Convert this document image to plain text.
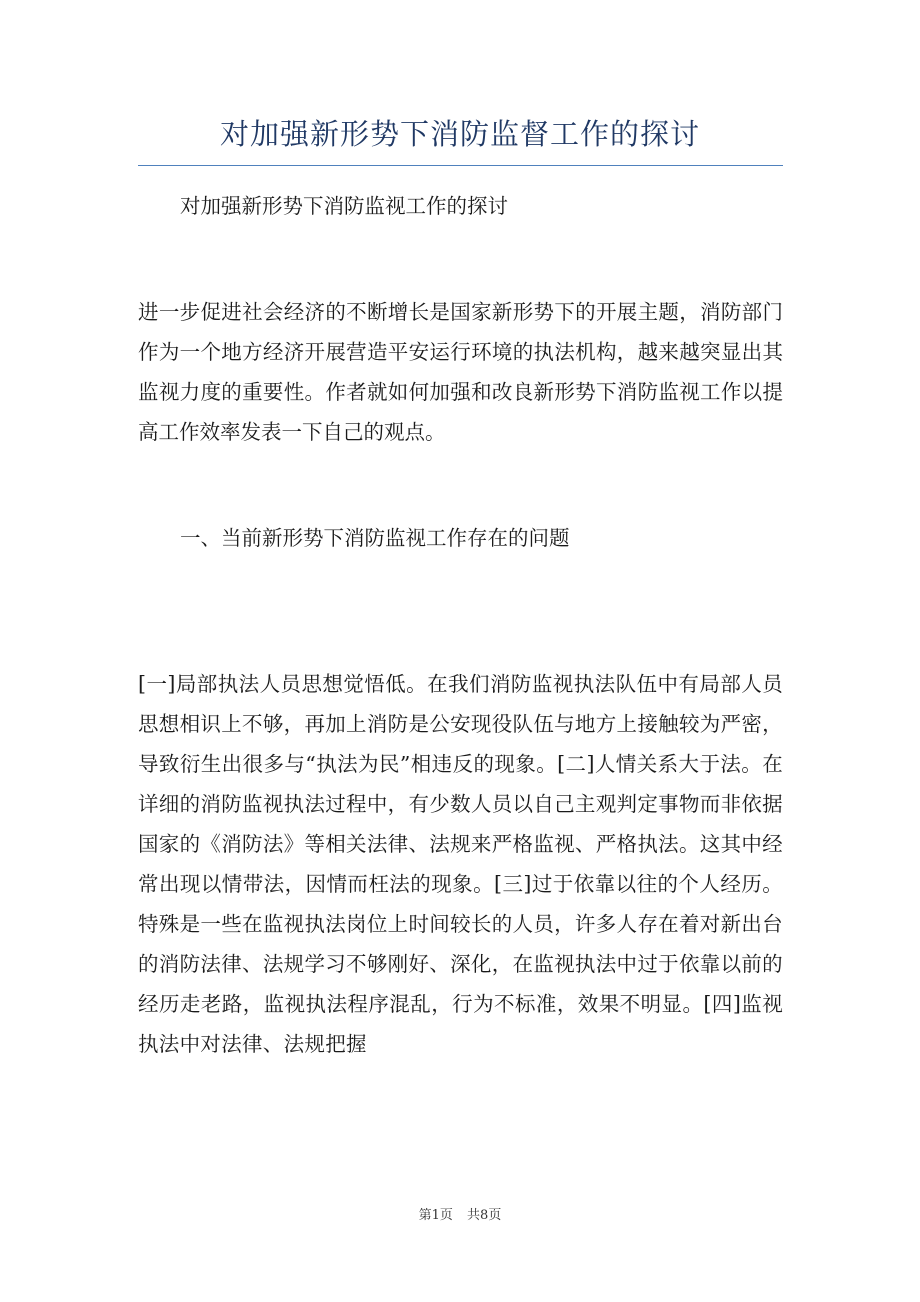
对加强新形势下消防监督工作的探讨

对加强新形势下消防监视工作的探讨

进一步促进社会经济的不断增长是国家新形势下的开展主题，消防部门作为一个地方经济开展营造平安运行环境的执法机构，越来越突显出其监视力度的重要性。作者就如何加强和改良新形势下消防监视工作以提高工作效率发表一下自己的观点。

一、当前新形势下消防监视工作存在的问题

[一]局部执法人员思想觉悟低。在我们消防监视执法队伍中有局部人员思想相识上不够，再加上消防是公安现役队伍与地方上接触较为严密，导致衍生出很多与“执法为民”相违反的现象。[二]人情关系大于法。在详细的消防监视执法过程中，有少数人员以自己主观判定事物而非依据国家的《消防法》等相关法律、法规来严格监视、严格执法。这其中经常出现以情带法，因情而枉法的现象。[三]过于依靠以往的个人经历。特殊是一些在监视执法岗位上时间较长的人员，许多人存在着对新出台的消防法律、法规学习不够刚好、深化，在监视执法中过于依靠以前的经历走老路，监视执法程序混乱，行为不标准，效果不明显。[四]监视执法中对法律、法规把握

第1页 共8页
